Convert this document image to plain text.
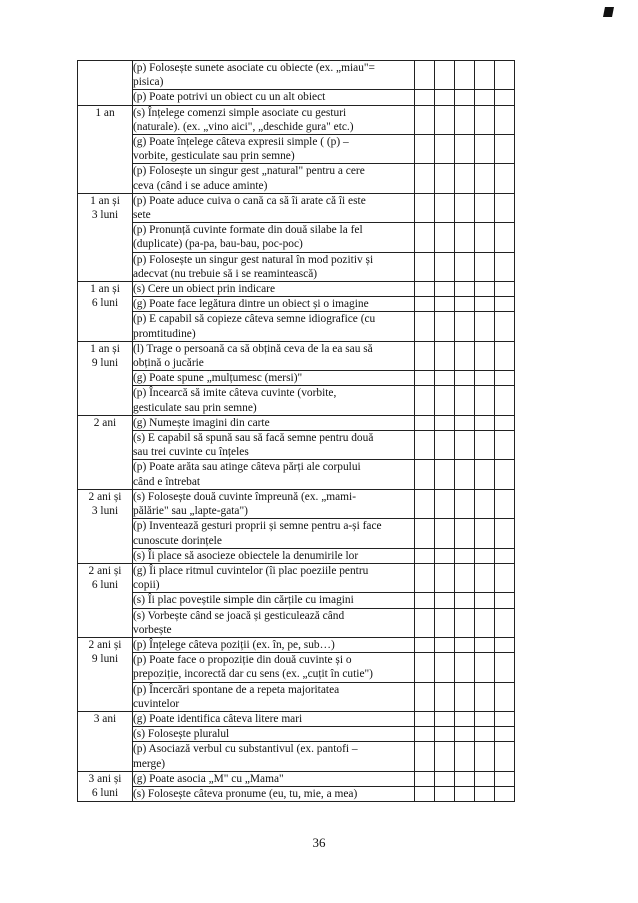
	(p) Folosește sunete asociate cu obiecte (ex. „miau"=
pisica)					

	(p) Poate potrivi un obiect cu un alt obiect					

1 an	(s) Înțelege comenzi simple asociate cu gesturi
(naturale). (ex. „vino aici", „deschide gura" etc.)					

	(g) Poate înțelege câteva expresii simple ( (p) –
vorbite, gesticulate sau prin semne)					

	(p) Folosește un singur gest „natural" pentru a cere
ceva (când i se aduce aminte)					

1 an și
3 luni	(p) Poate aduce cuiva o cană ca să îi arate că îi este
sete					

	(p) Pronunță cuvinte formate din două silabe la fel
(duplicate) (pa-pa, bau-bau, poc-poc)					

	(p) Folosește un singur gest natural în mod pozitiv și
adecvat (nu trebuie să i se reamintească)					

1 an și
6 luni	(s) Cere un obiect prin indicare					

	(g) Poate face legătura dintre un obiect și o imagine					

	(p) E capabil să copieze câteva semne idiografice (cu
promtitudine)					

1 an și
9 luni	(l) Trage o persoană ca să obțină ceva de la ea sau să
obțină o jucărie					

	(g) Poate spune „mulțumesc (mersi)"					

	(p) Încearcă să imite câteva cuvinte (vorbite,
gesticulate sau prin semne)					

2 ani	(g) Numește imagini din carte					

	(s) E capabil să spună sau să facă semne pentru două
sau trei cuvinte cu înțeles					

	(p) Poate arăta sau atinge câteva părți ale corpului
când e întrebat					

2 ani și
3 luni	(s) Folosește două cuvinte împreună (ex. „mami-
pălărie" sau „lapte-gata")					

	(p) Inventează gesturi proprii și semne pentru a-și face
cunoscute dorințele					

	(s) Îi place să asocieze obiectele la denumirile lor					

2 ani și
6 luni	(g) Îi place ritmul cuvintelor (îi plac poeziile pentru
copii)					

	(s) Îi plac poveștile simple din cărțile cu imagini					

	(s) Vorbește când se joacă și gesticulează când
vorbește					

2 ani și
9 luni	(p) Înțelege câteva poziții (ex. în, pe, sub…)					

	(p) Poate face o propoziție din două cuvinte și o
prepoziție, incorectă dar cu sens (ex. „cuțit în cutie")					

	(p) Încercări spontane de a repeta majoritatea
cuvintelor					

3 ani	(g) Poate identifica câteva litere mari					

	(s) Folosește pluralul					

	(p) Asociază verbul cu substantivul (ex. pantofi –
merge)					

3 ani și
6 luni	(g) Poate asocia „M" cu „Mama"					

	(s) Folosește câteva pronume (eu, tu, mie, a mea)					

36
